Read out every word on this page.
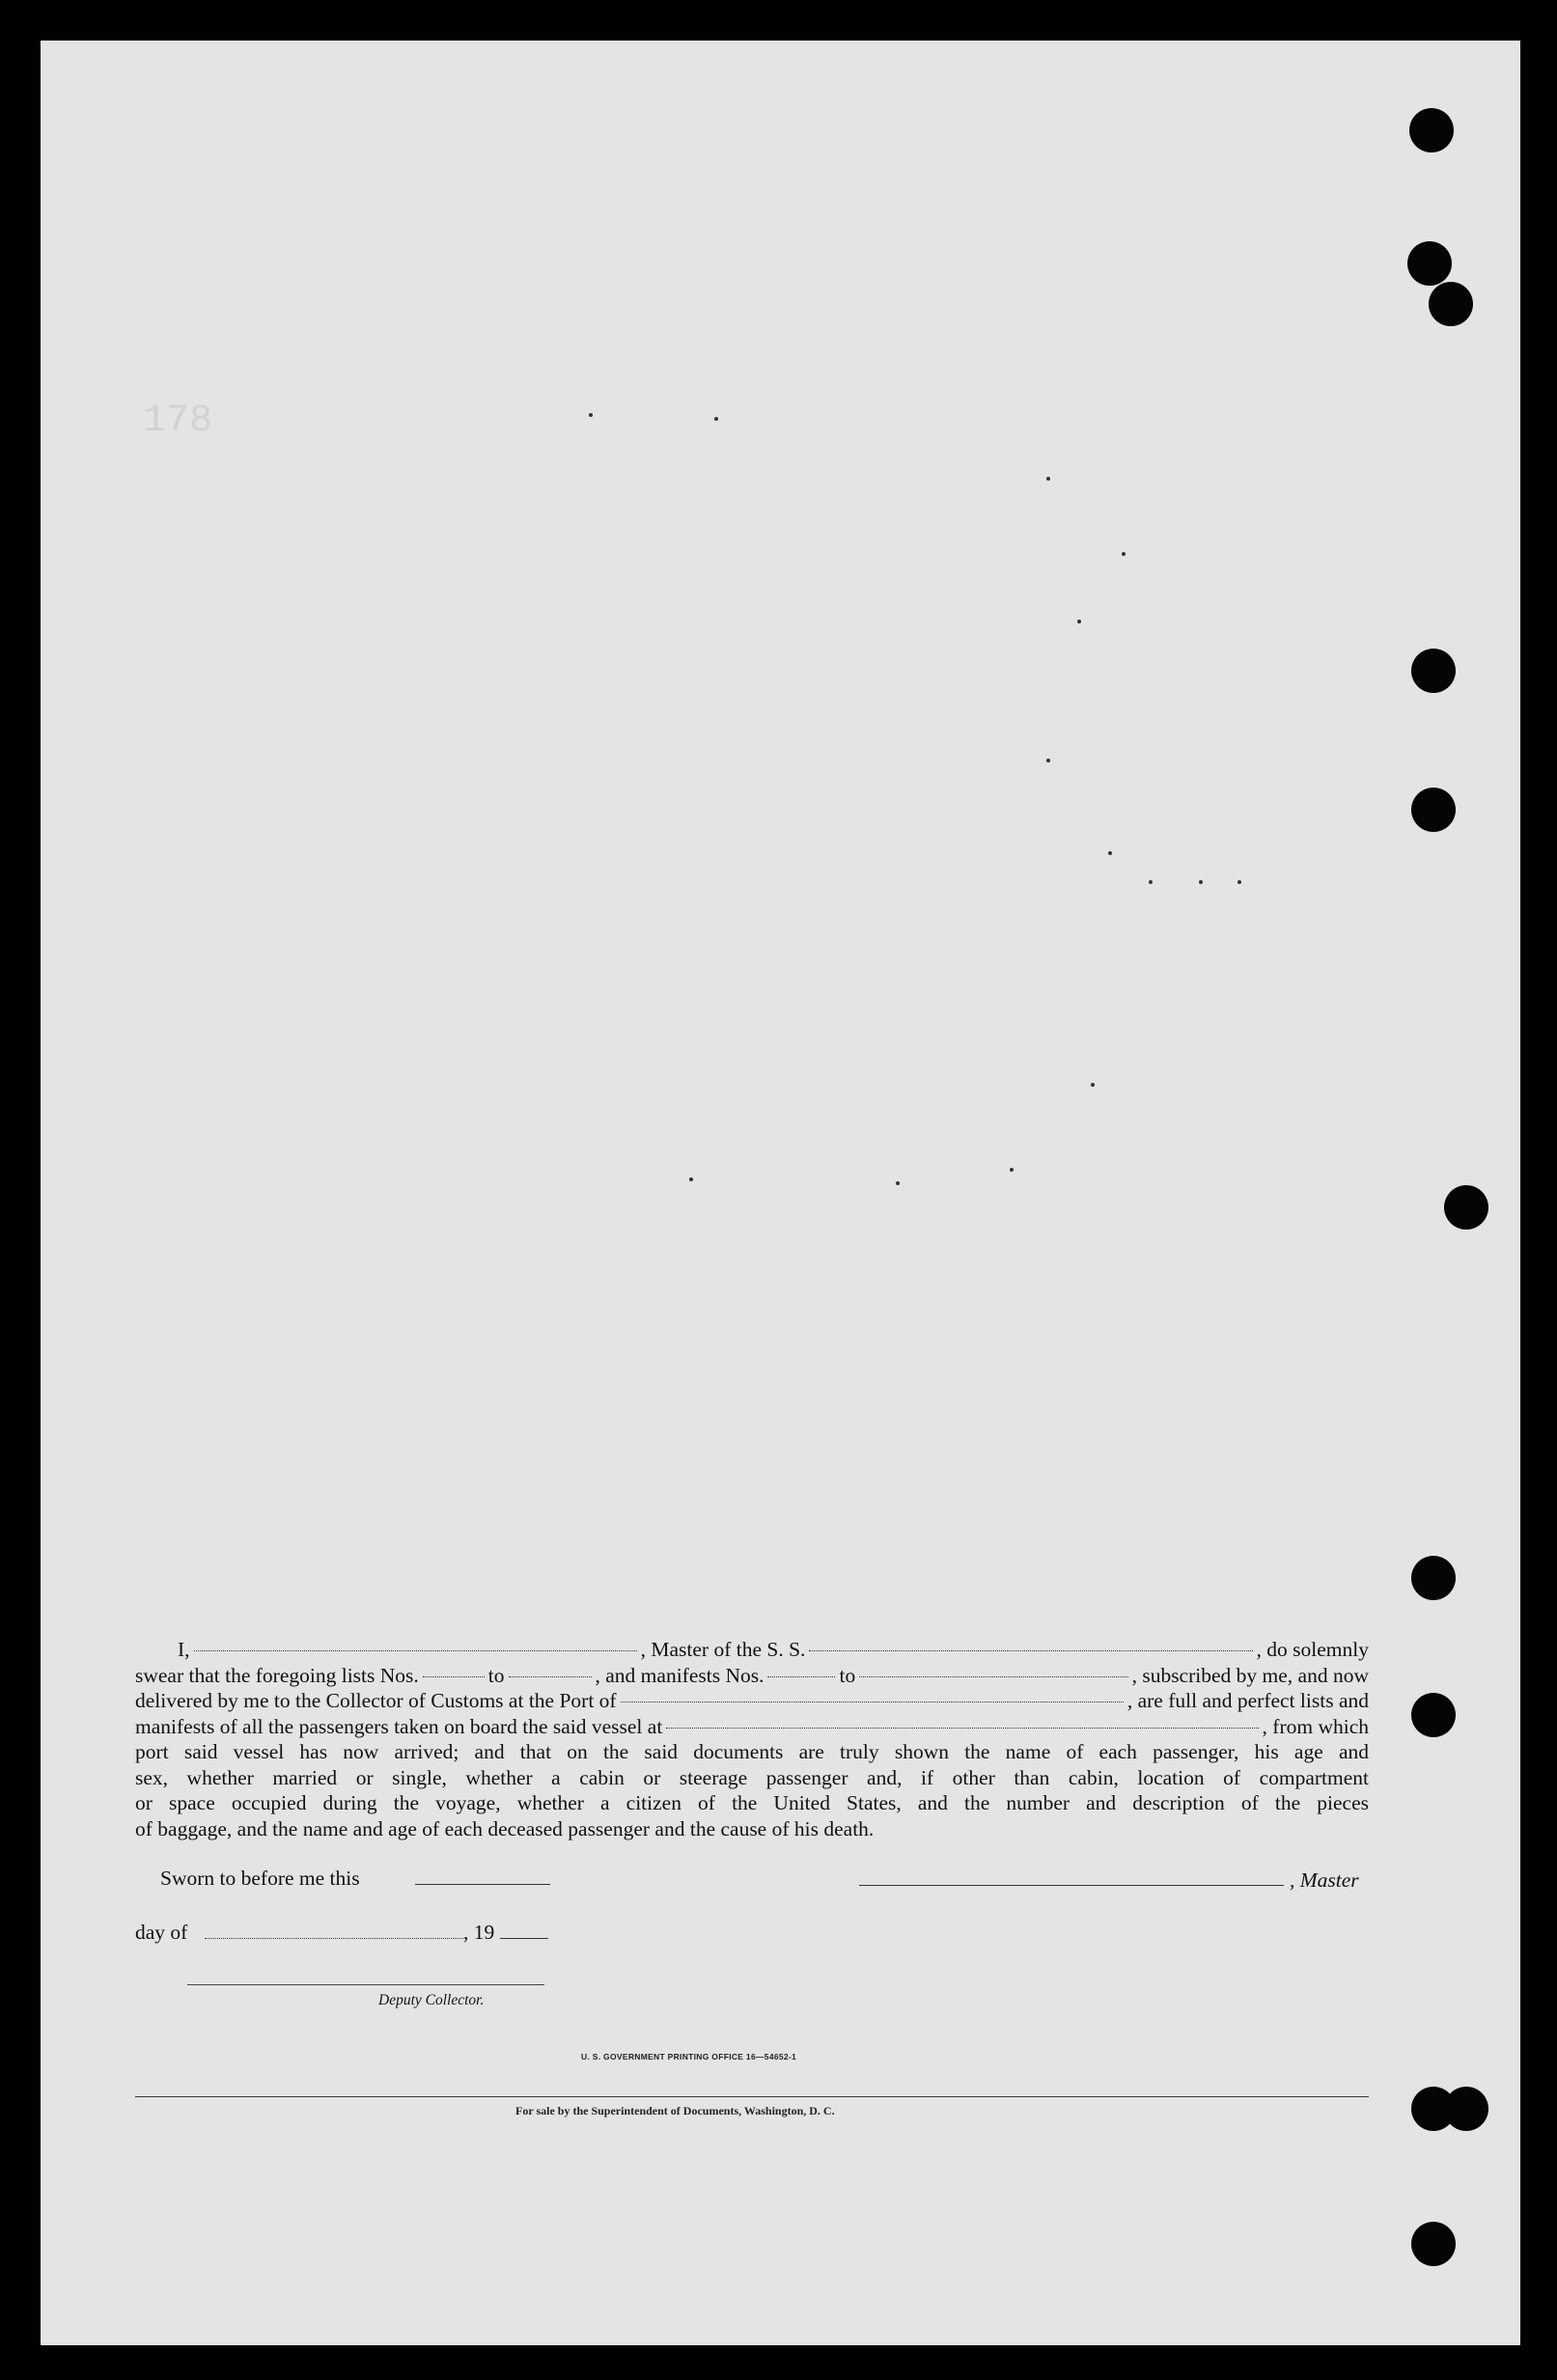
178
I,	, Master of the S. S.	, do solemnly
swear that the foregoing lists Nos.	to	, and manifests Nos.	to	, subscribed by me, and now
delivered by me to the Collector of Customs at the Port of	, are full and perfect lists and
manifests of all the passengers taken on board the said vessel at	, from which
port said vessel has now arrived; and that on the said documents are truly shown the name of each passenger, his age and
sex, whether married or single, whether a cabin or steerage passenger and, if other than cabin, location of compartment
or space occupied during the voyage, whether a citizen of the United States, and the number and description of the pieces
of baggage, and the name and age of each deceased passenger and the cause of his death.
Sworn to before me this	, Master
day of	, 19
Deputy Collector.
U. S. GOVERNMENT PRINTING OFFICE 16—54652-1
For sale by the Superintendent of Documents, Washington, D. C.
